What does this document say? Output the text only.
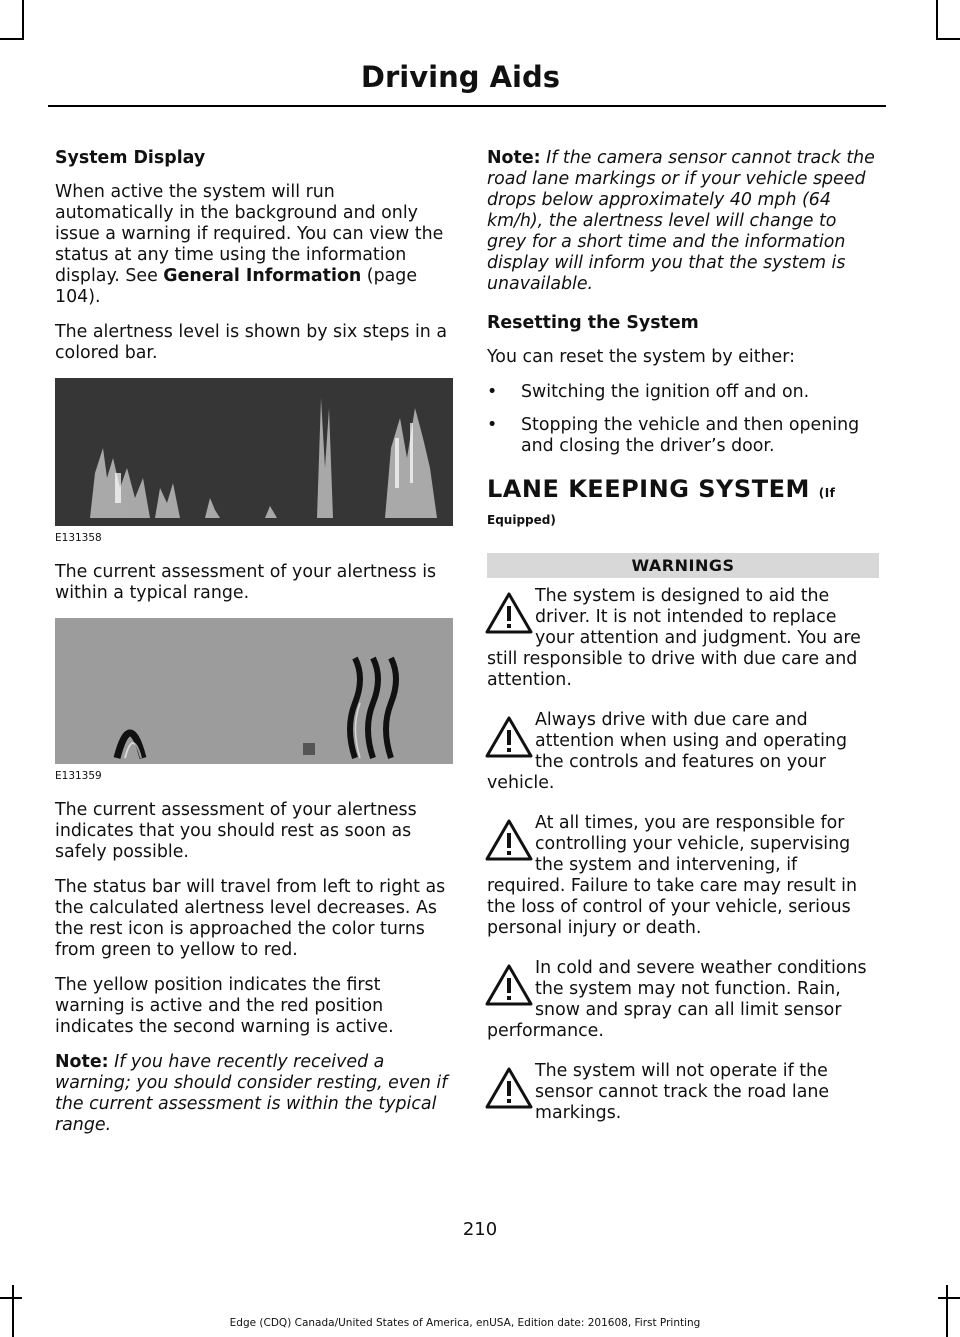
Driving Aids
System Display

When active the system will run automatically in the background and only issue a warning if required. You can view the status at any time using the information display. See General Information (page 104).

The alertness level is shown by six steps in a colored bar.

E131358

The current assessment of your alertness is within a typical range.

E131359

The current assessment of your alertness indicates that you should rest as soon as safely possible.

The status bar will travel from left to right as the calculated alertness level decreases. As the rest icon is approached the color turns from green to yellow to red.

The yellow position indicates the first warning is active and the red position indicates the second warning is active.

Note: If you have recently received a warning; you should consider resting, even if the current assessment is within the typical range.

Note: If the camera sensor cannot track the road lane markings or if your vehicle speed drops below approximately 40 mph (64 km/h), the alertness level will change to grey for a short time and the information display will inform you that the system is unavailable.

Resetting the System

You can reset the system by either:

•	Switching the ignition off and on.
•	Stopping the vehicle and then opening and closing the driver’s door.
LANE KEEPING SYSTEM (If
Equipped)
WARNINGS
The system is designed to aid the driver. It is not intended to replace your attention and judgment. You are still responsible to drive with due care and attention.
Always drive with due care and attention when using and operating the controls and features on your vehicle.
At all times, you are responsible for controlling your vehicle, supervising the system and intervening, if required. Failure to take care may result in the loss of control of your vehicle, serious personal injury or death.
In cold and severe weather conditions the system may not function. Rain, snow and spray can all limit sensor performance.
The system will not operate if the sensor cannot track the road lane markings.
210
Edge (CDQ) Canada/United States of America, enUSA, Edition date: 201608, First Printing
